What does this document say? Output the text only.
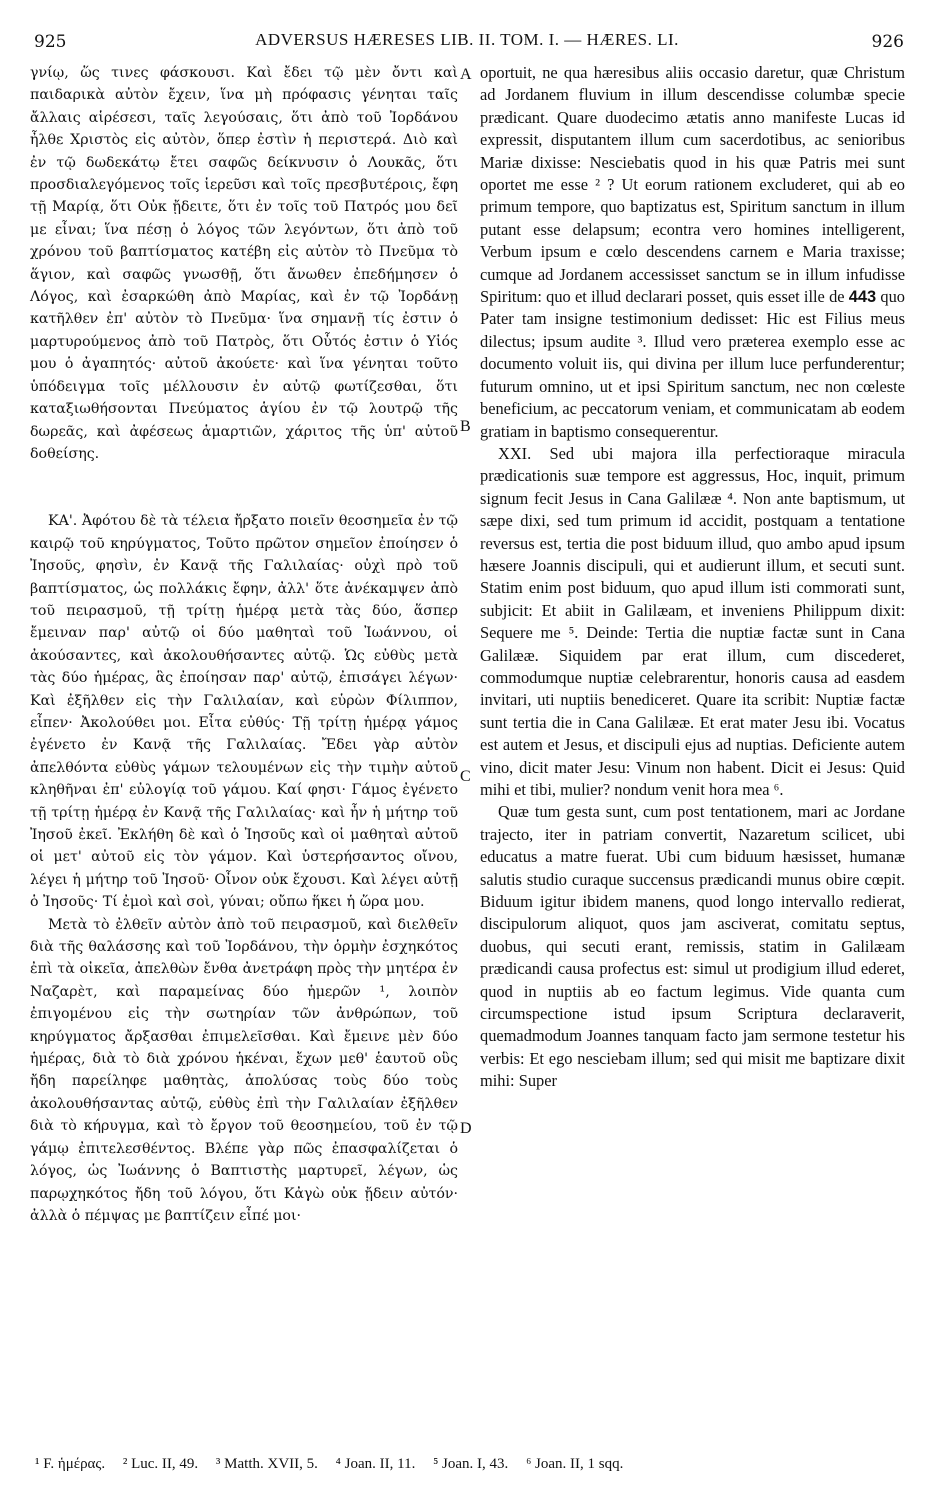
925	ADVERSUS HÆRESES LIB. II. TOM. I. — HÆRES. LI.	926

γνίῳ, ὥς τινες φάσκουσι. Καὶ ἔδει τῷ μὲν ὄντι καὶ παιδαρικὰ αὐτὸν ἔχειν, ἵνα μὴ πρόφασις γένηται ταῖς ἄλλαις αἱρέσεσι, ταῖς λεγούσαις, ὅτι ἀπὸ τοῦ Ἰορδάνου ἦλθε Χριστὸς εἰς αὐτὸν, ὅπερ ἐστὶν ἡ περιστερά. Διὸ καὶ ἐν τῷ δωδεκάτῳ ἔτει σαφῶς δείκνυσιν ὁ Λουκᾶς, ὅτι προσδιαλεγόμενος τοῖς ἱερεῦσι καὶ τοῖς πρεσβυτέροις, ἔφη τῇ Μαρίᾳ, ὅτι Οὐκ ᾔδειτε, ὅτι ἐν τοῖς τοῦ Πατρός μου δεῖ με εἶναι; ἵνα πέσῃ ὁ λόγος τῶν λεγόντων, ὅτι ἀπὸ τοῦ χρόνου τοῦ βαπτίσματος κατέβη εἰς αὐτὸν τὸ Πνεῦμα τὸ ἅγιον, καὶ σαφῶς γνωσθῇ, ὅτι ἄνωθεν ἐπεδήμησεν ὁ Λόγος, καὶ ἐσαρκώθη ἀπὸ Μαρίας, καὶ ἐν τῷ Ἰορδάνῃ κατῆλθεν ἐπ' αὐτὸν τὸ Πνεῦμα· ἵνα σημανῇ τίς ἐστιν ὁ μαρτυρούμενος ἀπὸ τοῦ Πατρὸς, ὅτι Οὗτός ἐστιν ὁ Υἱός μου ὁ ἀγαπητός· αὐτοῦ ἀκούετε· καὶ ἵνα γένηται τοῦτο ὑπόδειγμα τοῖς μέλλουσιν ἐν αὐτῷ φωτίζεσθαι, ὅτι καταξιωθήσονται Πνεύματος ἁγίου ἐν τῷ λουτρῷ τῆς δωρεᾶς, καὶ ἀφέσεως ἁμαρτιῶν, χάριτος τῆς ὑπ' αὐτοῦ δοθείσης.

ΚΑ'. Ἀφότου δὲ τὰ τέλεια ἤρξατο ποιεῖν θεοσημεῖα ἐν τῷ καιρῷ τοῦ κηρύγματος, Τοῦτο πρῶτον σημεῖον ἐποίησεν ὁ Ἰησοῦς, φησὶν, ἐν Κανᾷ τῆς Γαλιλαίας· οὐχὶ πρὸ τοῦ βαπτίσματος, ὡς πολλάκις ἔφην, ἀλλ' ὅτε ἀνέκαμψεν ἀπὸ τοῦ πειρασμοῦ, τῇ τρίτῃ ἡμέρᾳ μετὰ τὰς δύο, ἅσπερ ἔμειναν παρ' αὐτῷ οἱ δύο μαθηταὶ τοῦ Ἰωάννου, οἱ ἀκούσαντες, καὶ ἀκολουθήσαντες αὐτῷ. Ὡς εὐθὺς μετὰ τὰς δύο ἡμέρας, ἃς ἐποίησαν παρ' αὐτῷ, ἐπισάγει λέγων· Καὶ ἐξῆλθεν εἰς τὴν Γαλιλαίαν, καὶ εὑρὼν Φίλιππον, εἶπεν· Ἀκολούθει μοι. Εἶτα εὐθύς· Τῇ τρίτῃ ἡμέρᾳ γάμος ἐγένετο ἐν Κανᾷ τῆς Γαλιλαίας. Ἔδει γὰρ αὐτὸν ἀπελθόντα εὐθὺς γάμων τελουμένων εἰς τὴν τιμὴν αὐτοῦ κληθῆναι ἐπ' εὐλογίᾳ τοῦ γάμου. Καί φησι· Γάμος ἐγένετο τῇ τρίτῃ ἡμέρᾳ ἐν Κανᾷ τῆς Γαλιλαίας· καὶ ἦν ἡ μήτηρ τοῦ Ἰησοῦ ἐκεῖ. Ἐκλήθη δὲ καὶ ὁ Ἰησοῦς καὶ οἱ μαθηταὶ αὐτοῦ οἱ μετ' αὐτοῦ εἰς τὸν γάμον. Καὶ ὑστερήσαντος οἴνου, λέγει ἡ μήτηρ τοῦ Ἰησοῦ· Οἶνον οὐκ ἔχουσι. Καὶ λέγει αὐτῇ ὁ Ἰησοῦς· Τί ἐμοὶ καὶ σοὶ, γύναι; οὔπω ἥκει ἡ ὥρα μου.

Μετὰ τὸ ἐλθεῖν αὐτὸν ἀπὸ τοῦ πειρασμοῦ, καὶ διελθεῖν διὰ τῆς θαλάσσης καὶ τοῦ Ἰορδάνου, τὴν ὁρμὴν ἐσχηκότος ἐπὶ τὰ οἰκεῖα, ἀπελθὼν ἔνθα ἀνετράφη πρὸς τὴν μητέρα ἐν Ναζαρὲτ, καὶ παραμείνας δύο ἡμερῶν ¹, λοιπὸν ἐπιγομένου εἰς τὴν σωτηρίαν τῶν ἀνθρώπων, τοῦ κηρύγματος ἄρξασθαι ἐπιμελεῖσθαι. Καὶ ἔμεινε μὲν δύο ἡμέρας, διὰ τὸ διὰ χρόνου ἡκέναι, ἔχων μεθ' ἑαυτοῦ οὓς ἤδη παρείληφε μαθητὰς, ἀπολύσας τοὺς δύο τοὺς ἀκολουθήσαντας αὐτῷ, εὐθὺς ἐπὶ τὴν Γαλιλαίαν ἐξῆλθεν διὰ τὸ κήρυγμα, καὶ τὸ ἔργον τοῦ θεοσημείου, τοῦ ἐν τῷ γάμῳ ἐπιτελεσθέντος. Βλέπε γὰρ πῶς ἐπασφαλίζεται ὁ λόγος, ὡς Ἰωάννης ὁ Βαπτιστὴς μαρτυρεῖ, λέγων, ὡς παρῳχηκότος ἤδη τοῦ λόγου, ὅτι Κἀγὼ οὐκ ᾔδειν αὐτόν· ἀλλὰ ὁ πέμψας με βαπτίζειν εἶπέ μοι·

A
B
C
D

oportuit, ne qua hæresibus aliis occasio daretur, quæ Christum ad Jordanem fluvium in illum descendisse columbæ specie prædicant. Quare duodecimo ætatis anno manifeste Lucas id expressit, disputantem illum cum sacerdotibus, ac senioribus Mariæ dixisse: Nesciebatis quod in his quæ Patris mei sunt oportet me esse ² ? Ut eorum rationem excluderet, qui ab eo primum tempore, quo baptizatus est, Spiritum sanctum in illum putant esse delapsum; econtra vero homines intelligerent, Verbum ipsum e cœlo descendens carnem e Maria traxisse; cumque ad Jordanem accessisset sanctum se in illum infudisse Spiritum: quo et illud declarari posset, quis esset ille de 443 quo Pater tam insigne testimonium dedisset: Hic est Filius meus dilectus; ipsum audite ³. Illud vero præterea exemplo esse ac documento voluit iis, qui divina per illum luce perfunderentur; futurum omnino, ut et ipsi Spiritum sanctum, nec non cœleste beneficium, ac peccatorum veniam, et communicatam ab eodem gratiam in baptismo consequerentur.

XXI. Sed ubi majora illa perfectioraque miracula prædicationis suæ tempore est aggressus, Hoc, inquit, primum signum fecit Jesus in Cana Galilææ ⁴. Non ante baptismum, ut sæpe dixi, sed tum primum id accidit, postquam a tentatione reversus est, tertia die post biduum illud, quo ambo apud ipsum hæsere Joannis discipuli, qui et audierunt illum, et secuti sunt. Statim enim post biduum, quo apud illum isti commorati sunt, subjicit: Et abiit in Galilæam, et inveniens Philippum dixit: Sequere me ⁵. Deinde: Tertia die nuptiæ factæ sunt in Cana Galilææ. Siquidem par erat illum, cum discederet, commodumque nuptiæ celebrarentur, honoris causa ad easdem invitari, uti nuptiis benediceret. Quare ita scribit: Nuptiæ factæ sunt tertia die in Cana Galilææ. Et erat mater Jesu ibi. Vocatus est autem et Jesus, et discipuli ejus ad nuptias. Deficiente autem vino, dicit mater Jesu: Vinum non habent. Dicit ei Jesus: Quid mihi et tibi, mulier? nondum venit hora mea ⁶.

Quæ tum gesta sunt, cum post tentationem, mari ac Jordane trajecto, iter in patriam convertit, Nazaretum scilicet, ubi educatus a matre fuerat. Ubi cum biduum hæsisset, humanæ salutis studio curaque succensus prædicandi munus obire cœpit. Biduum igitur ibidem manens, quod longo intervallo redierat, discipulorum aliquot, quos jam asciverat, comitatu septus, duobus, qui secuti erant, remissis, statim in Galilæam prædicandi causa profectus est: simul ut prodigium illud ederet, quod in nuptiis ab eo factum legimus. Vide quanta cum circumspectione istud ipsum Scriptura declaraverit, quemadmodum Joannes tanquam facto jam sermone testetur his verbis: Et ego nesciebam illum; sed qui misit me baptizare dixit mihi: Super

¹ F. ἡμέρας. ² Luc. II, 49. ³ Matth. XVII, 5. ⁴ Joan. II, 11. ⁵ Joan. I, 43. ⁶ Joan. II, 1 sqq.
